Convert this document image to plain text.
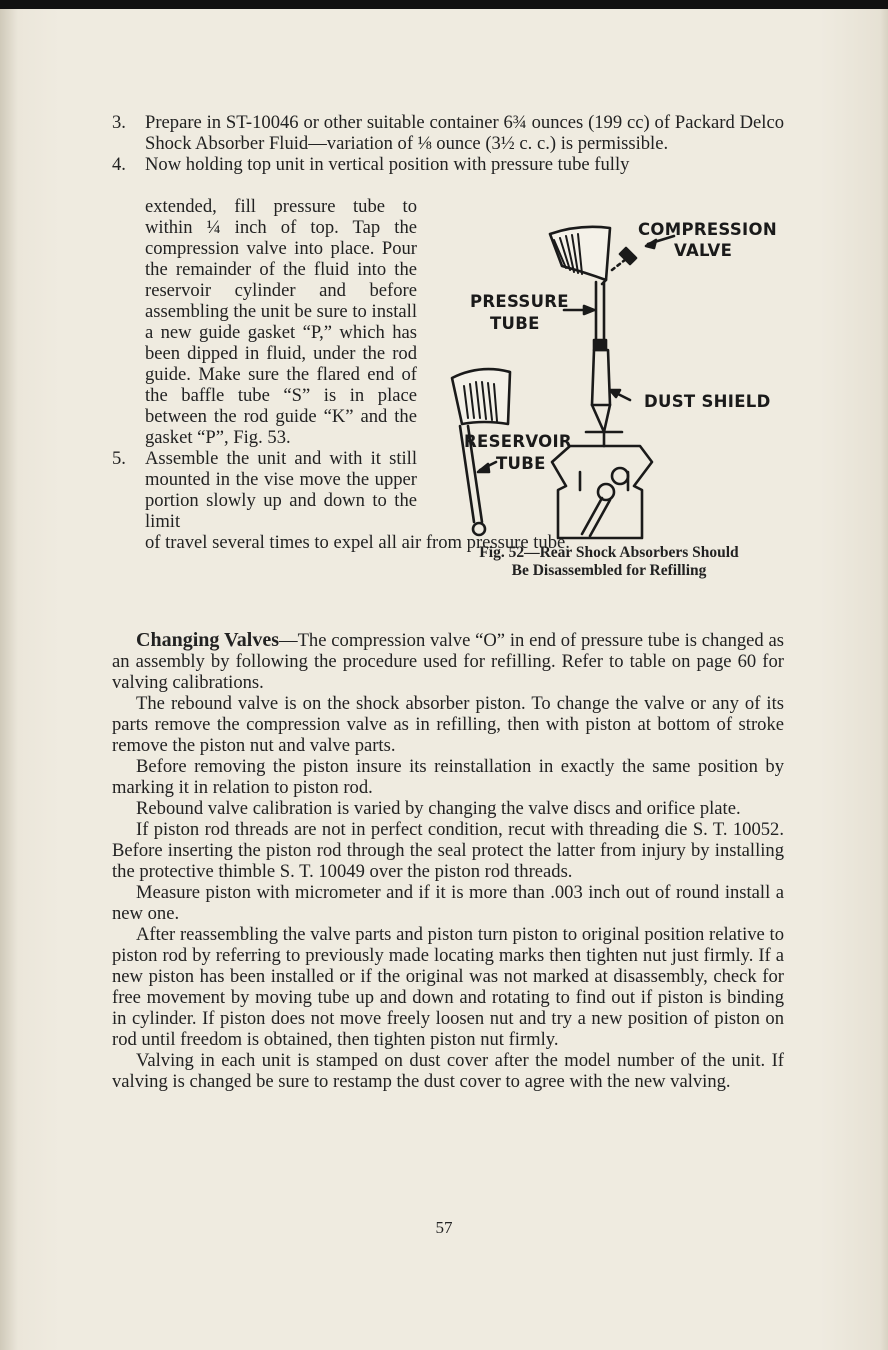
3. Prepare in ST-10046 or other suitable container 6¾ ounces (199 cc) of Packard Delco Shock Absorber Fluid—variation of ⅛ ounce (3½ c. c.) is permissible.

4. Now holding top unit in vertical position with pressure tube fully

extended, fill pressure tube to within ¼ inch of top. Tap the compression valve into place. Pour the remainder of the fluid into the reservoir cylinder and before assembling the unit be sure to install a new guide gasket “P,” which has been dipped in fluid, under the rod guide. Make sure the flared end of the baffle tube “S” is in place between the rod guide “K” and the gasket “P”, Fig. 53.

5. Assemble the unit and with it still mounted in the vise move the upper portion slowly up and down to the limit

of travel several times to expel all air from pressure tube.

COMPRESSION
VALVE
PRESSURE
TUBE
DUST SHIELD
RESERVOIR
TUBE
Fig. 52—Rear Shock Absorbers Should
Be Disassembled for Refilling

Changing Valves—The compression valve “O” in end of pressure tube is changed as an assembly by following the procedure used for refilling. Refer to table on page 60 for valving calibrations.

The rebound valve is on the shock absorber piston. To change the valve or any of its parts remove the compression valve as in refilling, then with piston at bottom of stroke remove the piston nut and valve parts.

Before removing the piston insure its reinstallation in exactly the same position by marking it in relation to piston rod.

Rebound valve calibration is varied by changing the valve discs and orifice plate.

If piston rod threads are not in perfect condition, recut with threading die S. T. 10052. Before inserting the piston rod through the seal protect the latter from injury by installing the protective thimble S. T. 10049 over the piston rod threads.

Measure piston with micrometer and if it is more than .003 inch out of round install a new one.

After reassembling the valve parts and piston turn piston to original position relative to piston rod by referring to previously made locating marks then tighten nut just firmly. If a new piston has been installed or if the original was not marked at disassembly, check for free movement by moving tube up and down and rotating to find out if piston is binding in cylinder. If piston does not move freely loosen nut and try a new position of piston on rod until freedom is obtained, then tighten piston nut firmly.

Valving in each unit is stamped on dust cover after the model number of the unit. If valving is changed be sure to restamp the dust cover to agree with the new valving.

57
